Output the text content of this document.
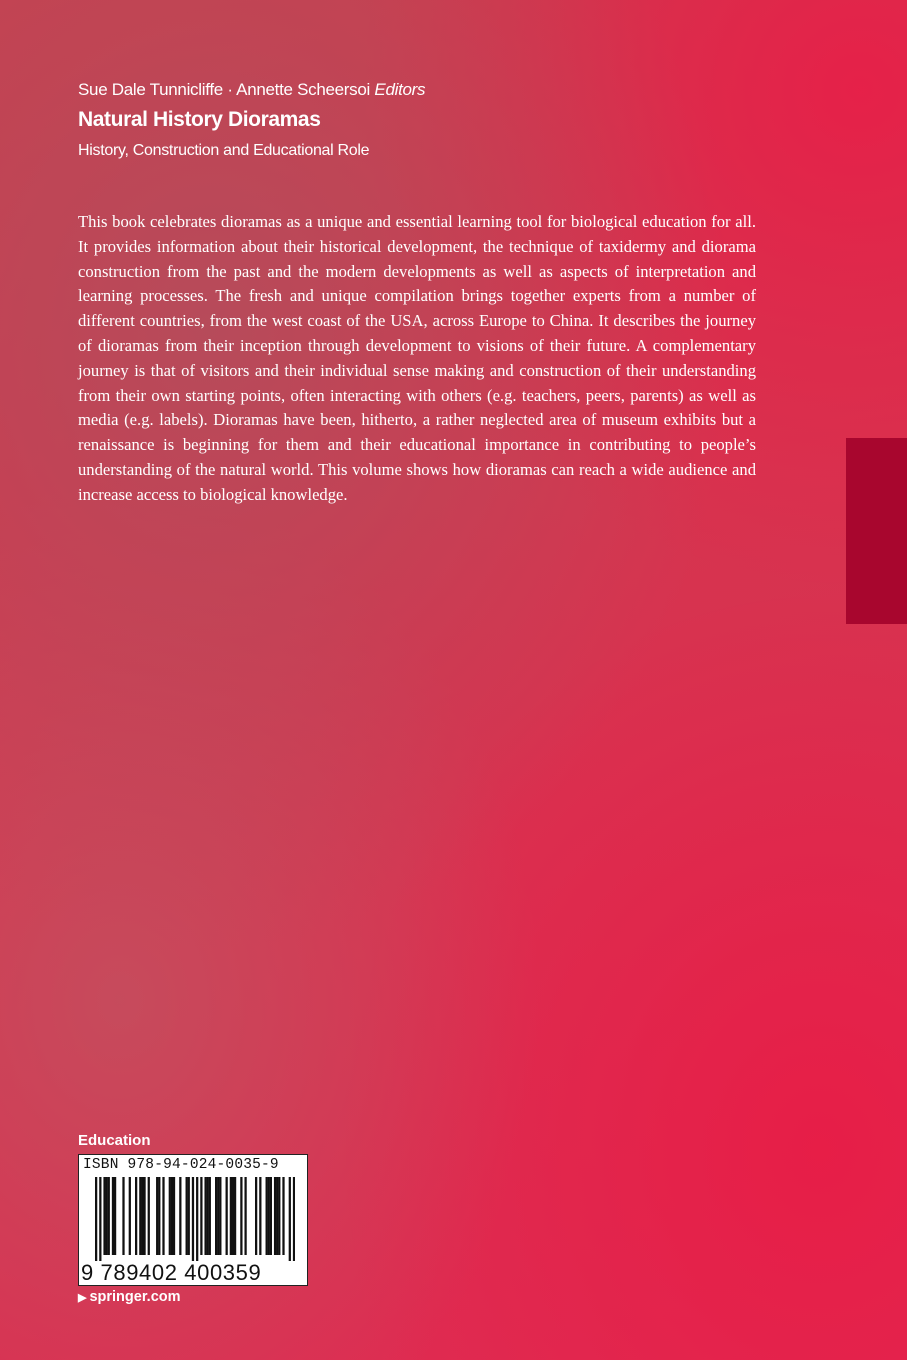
Sue Dale Tunnicliffe · Annette Scheersoi Editors
Natural History Dioramas
History, Construction and Educational Role

This book celebrates dioramas as a unique and essential learning tool for biological education for all. It provides information about their historical development, the technique of taxidermy and diorama construction from the past and the modern developments as well as aspects of interpretation and learning processes. The fresh and unique compilation brings together experts from a number of different countries, from the west coast of the USA, across Europe to China. It describes the journey of dioramas from their inception through development to visions of their future. A complementary journey is that of visitors and their individual sense making and construction of their understanding from their own starting points, often interacting with others (e.g. teachers, peers, parents) as well as media (e.g. labels). Dioramas have been, hitherto, a rather neglected area of museum exhibits but a renaissance is beginning for them and their educational importance in contributing to people’s understanding of the natural world. This volume shows how dioramas can reach a wide audience and increase access to biological knowledge.

Education
ISBN 978-94-024-0035-9
9 789402 400359
▶ springer.com
